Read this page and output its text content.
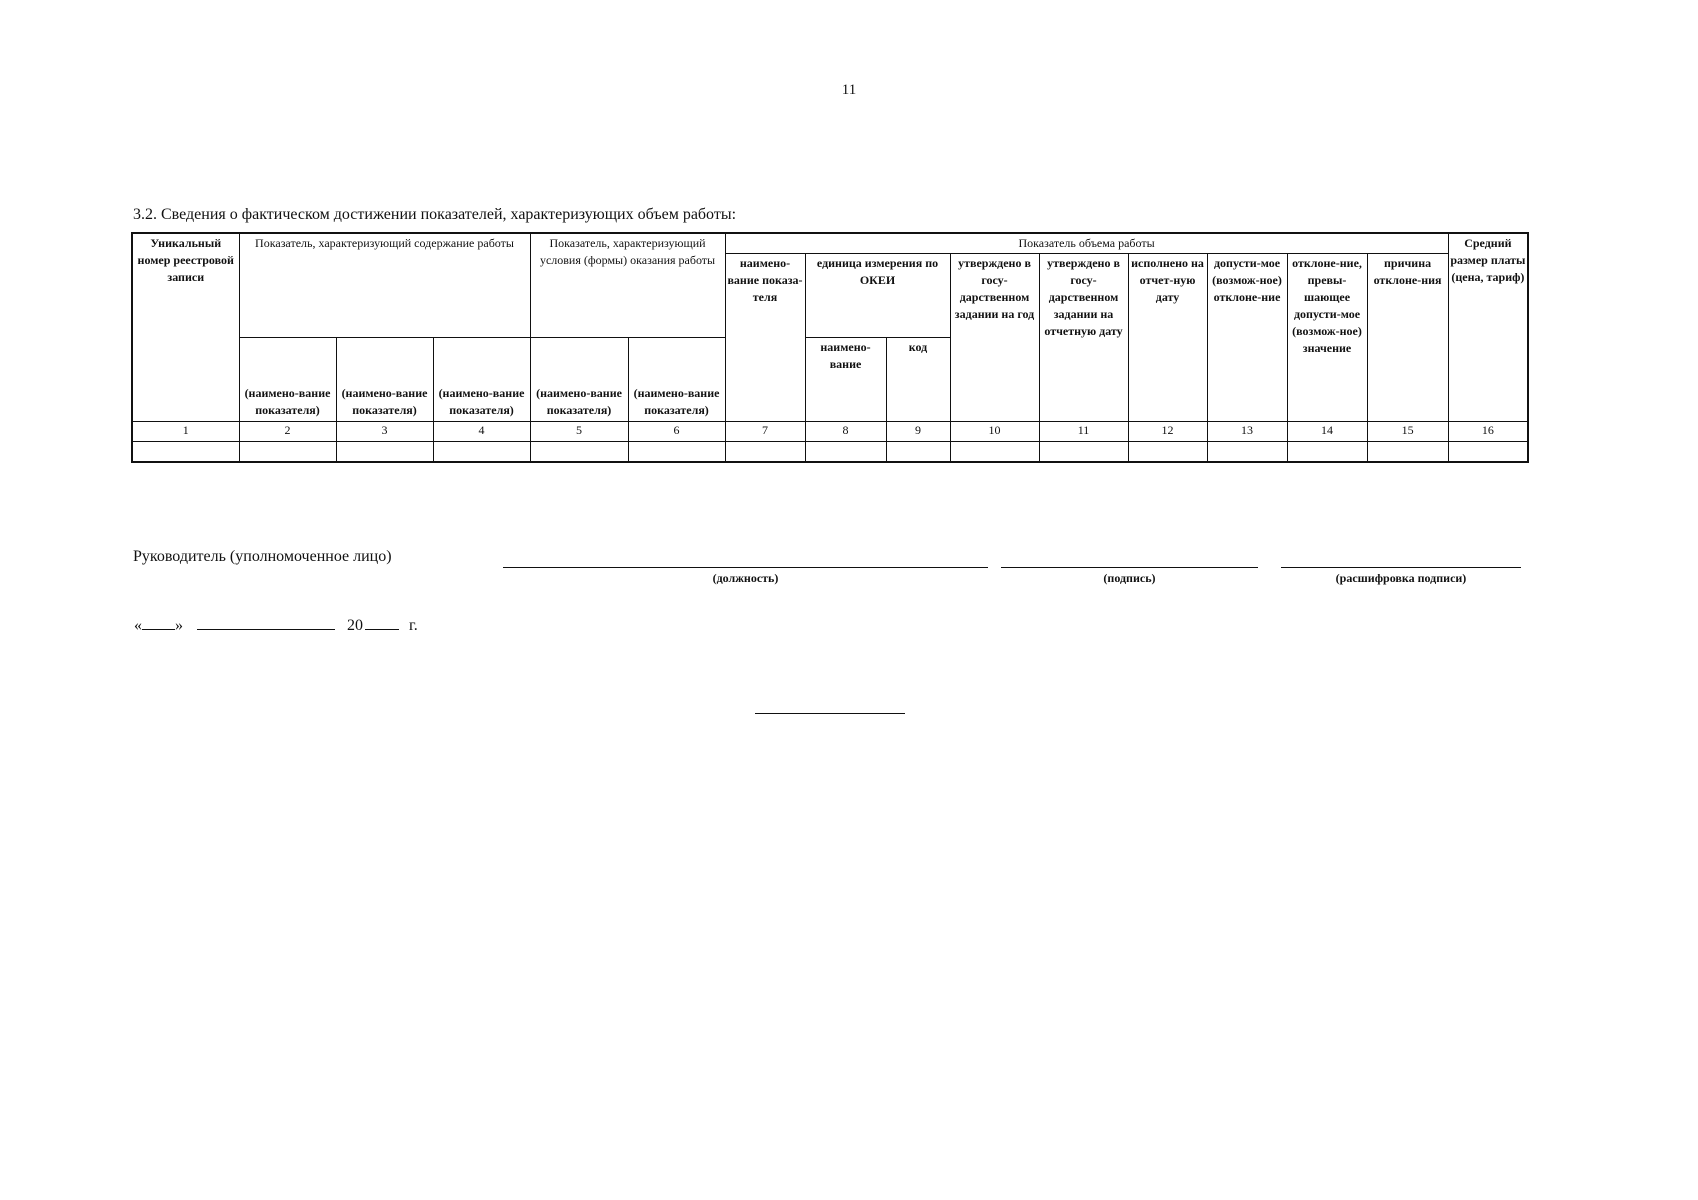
11
3.2. Сведения о фактическом достижении показателей, характеризующих объем работы:
Уникальный номер реестровой записи	Показатель, характеризующий содержание работы			Показатель, характеризующий условия (формы) оказания работы		Показатель объема работы									Средний размер платы (цена, тариф)
						наимено-вание показа-теля	единица измерения по ОКЕИ		утверждено в госу-дарственном задании на год	утверждено в госу-дарственном задании на отчетную дату	исполнено на отчет-ную дату	допусти-мое (возмож-ное) отклоне-ние	отклоне-ние, превы-шающее допусти-мое (возмож-ное) значение	причина отклоне-ния	
	(наимено-вание показателя)	(наимено-вание показателя)	(наимено-вание показателя)	(наимено-вание показателя)	(наимено-вание показателя)		наимено-вание	код							
1	2	3	4	5	6	7	8	9	10	11	12	13	14	15	16

Руководитель (уполномоченное лицо)
(должность)	(подпись)	(расшифровка подписи)
« »	20	г.
